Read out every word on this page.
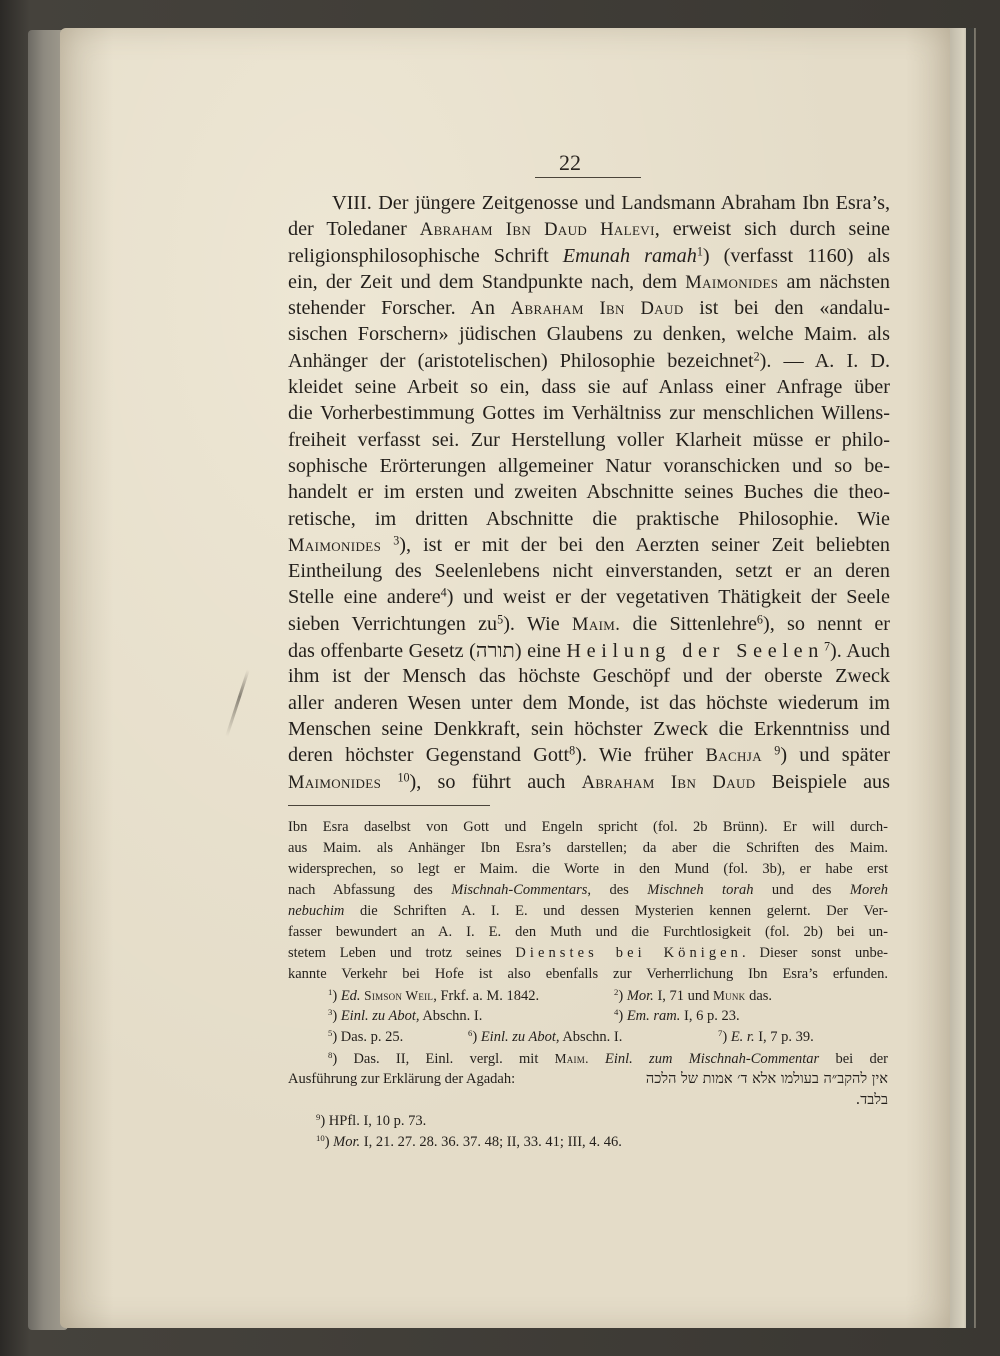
22
VIII. Der jüngere Zeitgenosse und Landsmann Abraham Ibn Esra’s,
der Toledaner Abraham Ibn Daud Halevi, erweist sich durch seine
religionsphilosophische Schrift Emunah ramah$^1$) (verfasst 1160) als
ein, der Zeit und dem Standpunkte nach, dem Maimonides am nächsten
stehender Forscher. An Abraham Ibn Daud ist bei den «andalu-
sischen Forschern» jüdischen Glaubens zu denken, welche Maim. als
Anhänger der (aristotelischen) Philosophie bezeichnet$^2$). — A. I. D.
kleidet seine Arbeit so ein, dass sie auf Anlass einer Anfrage über
die Vorherbestimmung Gottes im Verhältniss zur menschlichen Willens-
freiheit verfasst sei. Zur Herstellung voller Klarheit müsse er philo-
sophische Erörterungen allgemeiner Natur voranschicken und so be-
handelt er im ersten und zweiten Abschnitte seines Buches die theo-
retische, im dritten Abschnitte die praktische Philosophie. Wie
Maimonides $^3$), ist er mit der bei den Aerzten seiner Zeit beliebten
Eintheilung des Seelenlebens nicht einverstanden, setzt er an deren
Stelle eine andere$^4$) und weist er der vegetativen Thätigkeit der Seele
sieben Verrichtungen $zu^5$). Wie Maim. die Sittenlehre$^6$), so nennt er
das offenbarte Gesetz (תורה) eine Heilung der Seelen$^7$). Auch
ihm ist der Mensch das höchste Geschöpf und der oberste Zweck
aller anderen Wesen unter dem Monde, ist das höchste wiederum im
Menschen seine Denkkraft, sein höchster Zweck die Erkenntniss und
deren höchster Gegenstand Gott$^8$). Wie früher Bachja $^9$) und später
Maimonides $^{10}$), so führt auch Abraham Ibn Daud Beispiele aus
Ibn Esra daselbst von Gott und Engeln spricht (fol. 2b Brünn). Er will durch-
aus Maim. als Anhänger Ibn Esra’s darstellen; da aber die Schriften des Maim.
widersprechen, so legt er Maim. die Worte in den Mund (fol. 3b), er habe erst
nach Abfassung des Mischnah-Commentars, des Mischneh torah und des Moreh
nebuchim die Schriften A. I. E. und dessen Mysterien kennen gelernt. Der Ver-
fasser bewundert an A. I. E. den Muth und die Furchtlosigkeit (fol. 2b) bei un-
stetem Leben und trotz seines Dienstes bei Königen. Dieser sonst unbe-
kannte Verkehr bei Hofe ist also ebenfalls zur Verherrlichung Ibn Esra’s erfunden.
$^1$) Ed. Simson Weil, Frkf. a. M. 1842.	$^2$) Mor. I, 71 und Munk das.
$^3$) Einl. zu Abot, Abschn. I.	$^4$) Em. ram. I, 6 p. 23.
$^5$) Das. p. 25.	$^6$) Einl. zu Abot, Abschn. I.	$^7$) E. r. I, 7 p. 39.
$^8$) Das. II, Einl. vergl. mit Maim. Einl. zum Mischnah-Commentar bei der
Ausführung zur Erklärung der Agadah:	אין להקב״ה בעולמו אלא ד׳ אמות של הלכה
בלבד.
$^9$) HPfl. I, 10 p. 73.
$^{10}$) Mor. I, 21. 27. 28. 36. 37. 48; II, 33. 41; III, 4. 46.
